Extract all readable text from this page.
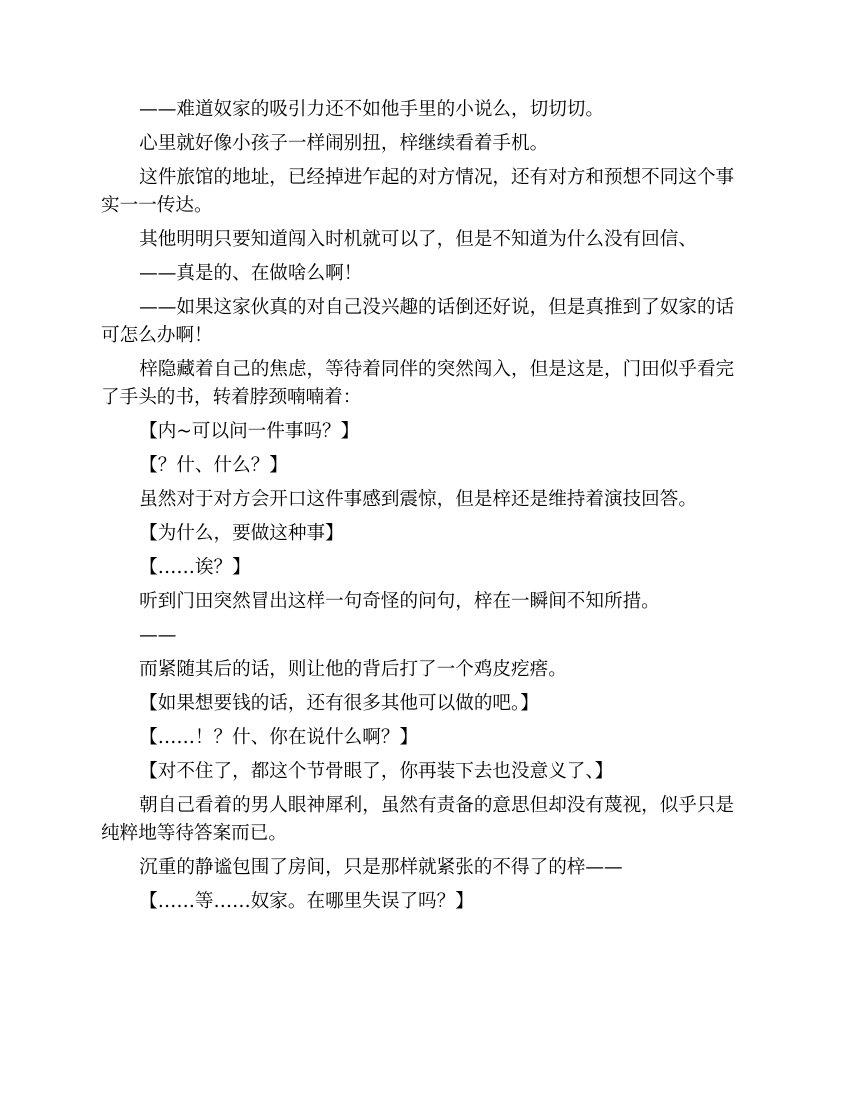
——难道奴家的吸引力还不如他手里的小说么，切切切。

心里就好像小孩子一样闹别扭，梓继续看着手机。

这件旅馆的地址，已经掉进乍起的对方情况，还有对方和预想不同这个事实一一传达。

其他明明只要知道闯入时机就可以了，但是不知道为什么没有回信、

——真是的、在做啥么啊！

——如果这家伙真的对自己没兴趣的话倒还好说，但是真推到了奴家的话可怎么办啊！

梓隐藏着自己的焦虑，等待着同伴的突然闯入，但是这是，门田似乎看完了手头的书，转着脖颈喃喃着：

【内~可以问一件事吗？】

【？什、什么？】

虽然对于对方会开口这件事感到震惊，但是梓还是维持着演技回答。

【为什么，要做这种事】

【……诶？】

听到门田突然冒出这样一句奇怪的问句，梓在一瞬间不知所措。

——

而紧随其后的话，则让他的背后打了一个鸡皮疙瘩。

【如果想要钱的话，还有很多其他可以做的吧。】

【……！？什、你在说什么啊？】

【对不住了，都这个节骨眼了，你再装下去也没意义了、】

朝自己看着的男人眼神犀利，虽然有责备的意思但却没有蔑视，似乎只是纯粹地等待答案而已。

沉重的静谧包围了房间，只是那样就紧张的不得了的梓——

【……等……奴家。在哪里失误了吗？】
